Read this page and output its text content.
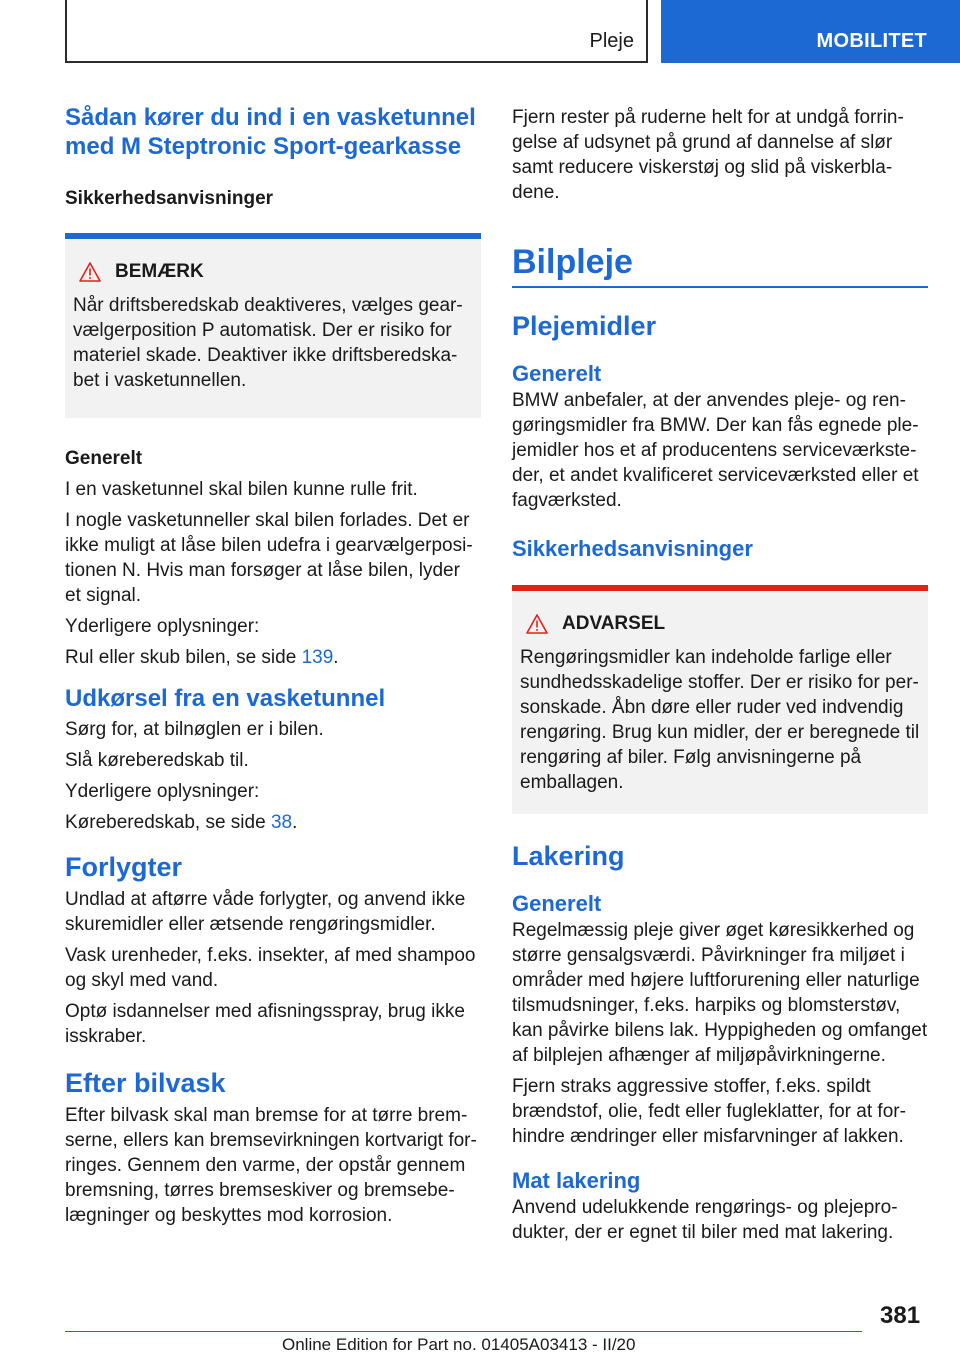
Pleje	MOBILITET
Sådan kører du ind i en vasketunnel med M Steptronic Sport-gearkasse
Sikkerhedsanvisninger
BEMÆRK

Når driftsberedskab deaktiveres, vælges gearvælgerposition P automatisk. Der er risiko for materiel skade. Deaktiver ikke driftsberedskabet i vasketunnellen.

Generelt

I en vasketunnel skal bilen kunne rulle frit.

I nogle vasketunneller skal bilen forlades. Det er ikke muligt at låse bilen udefra i gearvælgerpositionen N. Hvis man forsøger at låse bilen, lyder et signal.

Yderligere oplysninger:

Rul eller skub bilen, se side 139.

Udkørsel fra en vasketunnel

Sørg for, at bilnøglen er i bilen.

Slå køreberedskab til.

Yderligere oplysninger:

Køreberedskab, se side 38.

Forlygter

Undlad at aftørre våde forlygter, og anvend ikke skuremidler eller ætsende rengøringsmidler.

Vask urenheder, f.eks. insekter, af med shampoo og skyl med vand.

Optø isdannelser med afisningsspray, brug ikke isskraber.

Efter bilvask

Efter bilvask skal man bremse for at tørre bremserne, ellers kan bremsevirkningen kortvarigt forringes. Gennem den varme, der opstår gennem bremsning, tørres bremseskiver og bremsebelægninger og beskyttes mod korrosion.

Fjern rester på ruderne helt for at undgå forringelse af udsynet på grund af dannelse af slør samt reducere viskerstøj og slid på viskerbladene.

Bilpleje
Plejemidler
Generelt

BMW anbefaler, at der anvendes pleje- og rengøringsmidler fra BMW. Der kan fås egnede plejemidler hos et af producentens serviceværksteder, et andet kvalificeret serviceværksted eller et fagværksted.

Sikkerhedsanvisninger
ADVARSEL

Rengøringsmidler kan indeholde farlige eller sundhedsskadelige stoffer. Der er risiko for personskade. Åbn døre eller ruder ved indvendig rengøring. Brug kun midler, der er beregnede til rengøring af biler. Følg anvisningerne på emballagen.

Lakering
Generelt

Regelmæssig pleje giver øget køresikkerhed og større gensalgsværdi. Påvirkninger fra miljøet i områder med højere luftforurening eller naturlige tilsmudsninger, f.eks. harpiks og blomsterstøv, kan påvirke bilens lak. Hyppigheden og omfanget af bilplejen afhænger af miljøpåvirkningerne.

Fjern straks aggressive stoffer, f.eks. spildt brændstof, olie, fedt eller fugleklatter, for at forhindre ændringer eller misfarvninger af lakken.

Mat lakering

Anvend udelukkende rengørings- og plejeprodukter, der er egnet til biler med mat lakering.

381
Online Edition for Part no. 01405A03413 - II/20
